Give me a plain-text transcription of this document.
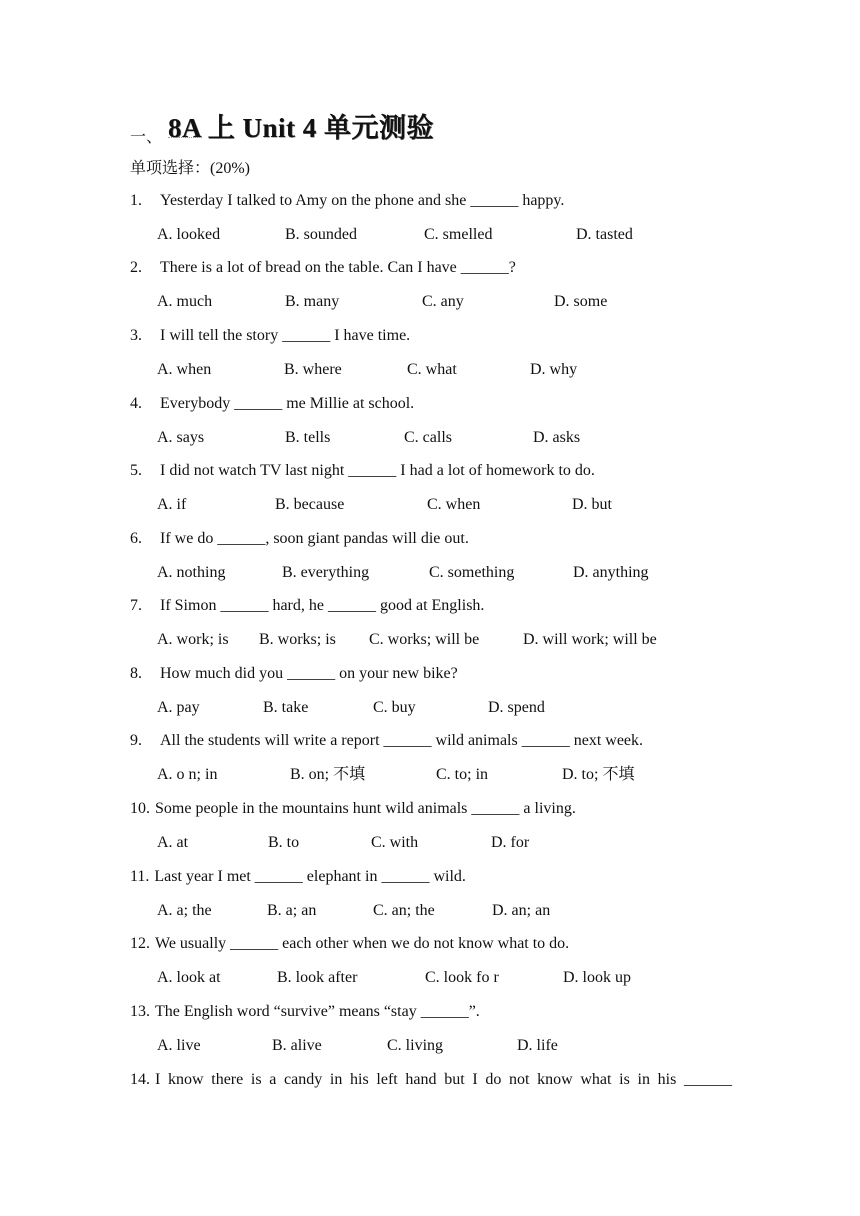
一、 8A 上 Unit 4 单元测验
单项选择：(20%)
1. Yesterday I talked to Amy on the phone and she ______ happy.
A. looked	B. sounded	C. smelled	D. tasted
2. There is a lot of bread on the table. Can I have ______?
A. much	B. many	C. any	D. some
3. I will tell the story ______ I have time.
A. when	B. where	C. what	D. why
4. Everybody ______ me Millie at school.
A. says	B. tells	C. calls	D. asks
5. I did not watch TV last night ______ I had a lot of homework to do.
A. if	B. because	C. when	D. but
6. If we do ______, soon giant pandas will die out.
A. nothing	B. everything	C. something	D. anything
7. If Simon ______ hard, he ______ good at English.
A. work; is B. works; is C. works; will be	D. will work; will be
8. How much did you ______ on your new bike?
A. pay	B. take	C. buy	D. spend
9. All the students will write a report ______ wild animals ______ next week.
A. o n; in	B. on; 不填	C. to; in	D. to; 不填
10. Some people in the mountains hunt wild animals ______ a living.
A. at	B. to	C. with	D. for
11. Last year I met ______ elephant in ______ wild.
A. a; the	B. a; an	C. an; the	D. an; an
12. We usually ______ each other when we do not know what to do.
A. look at	B. look after	C. look fo r	D. look up
13. The English word “survive” means “stay ______”.
A. live	B. alive	C. living	D. life
14. I know there is a candy in his left hand but I do not know what is in his ______
